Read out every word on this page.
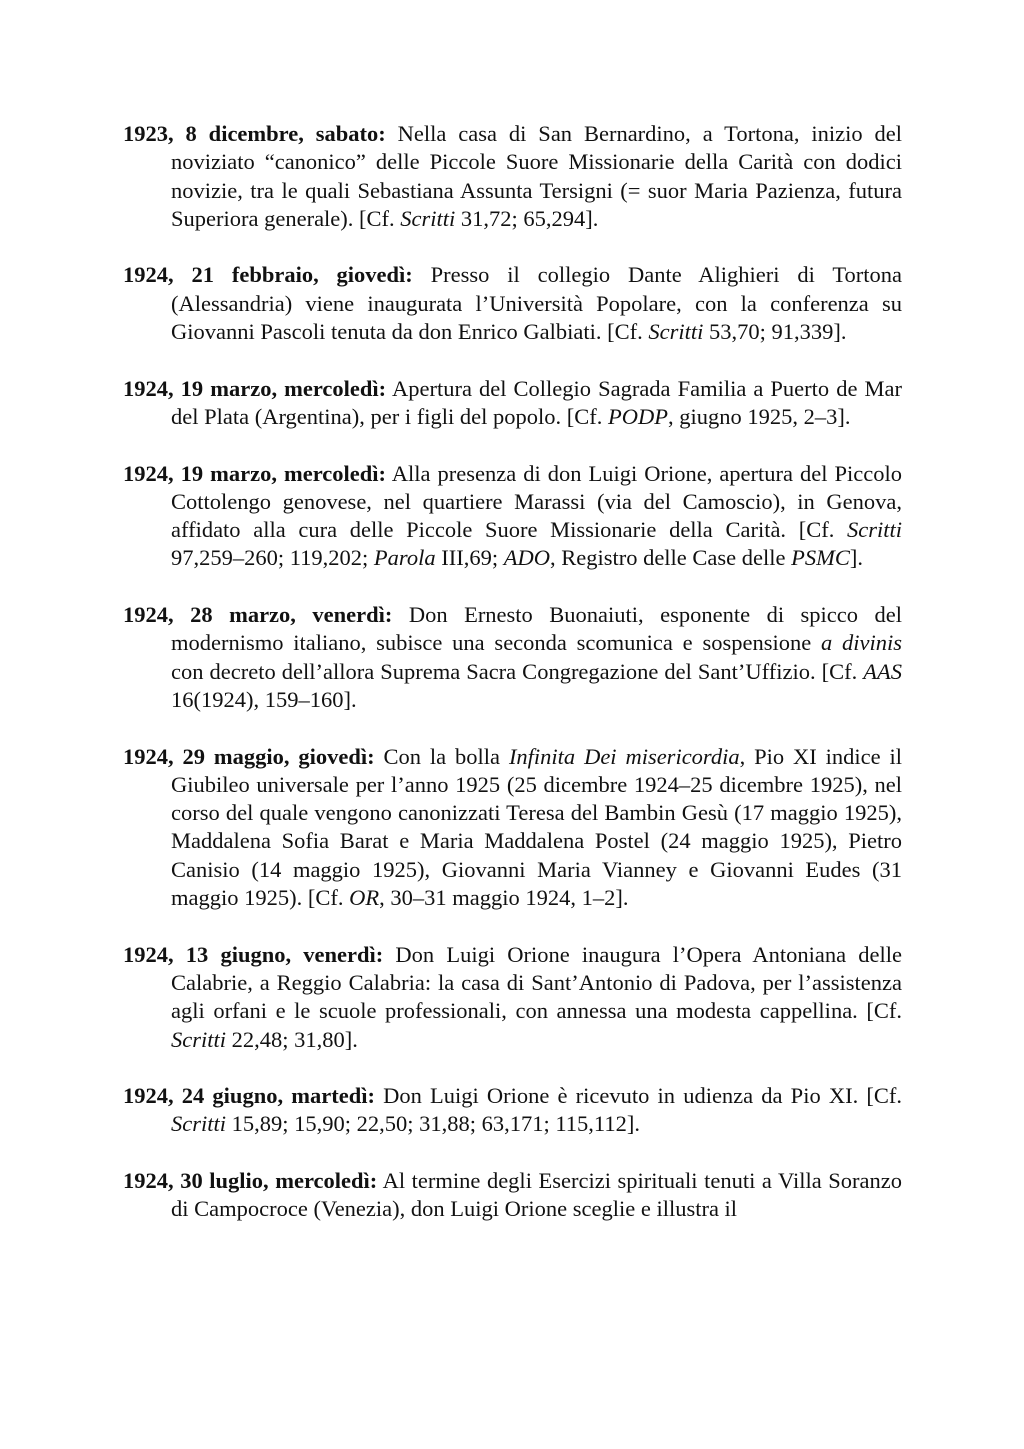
1923, 8 dicembre, sabato: Nella casa di San Bernardino, a Tortona, inizio del noviziato “canonico” delle Piccole Suore Missionarie della Carità con dodici novizie, tra le quali Sebastiana Assunta Tersigni (= suor Maria Pazienza, futura Superiora generale). [Cf. Scritti 31,72; 65,294].

1924, 21 febbraio, giovedì: Presso il collegio Dante Alighieri di Tortona (Alessandria) viene inaugurata l’Università Popolare, con la conferenza su Giovanni Pascoli tenuta da don Enrico Galbiati. [Cf. Scritti 53,70; 91,339].

1924, 19 marzo, mercoledì: Apertura del Collegio Sagrada Familia a Puerto de Mar del Plata (Argentina), per i figli del popolo. [Cf. PODP, giugno 1925, 2–3].

1924, 19 marzo, mercoledì: Alla presenza di don Luigi Orione, apertura del Piccolo Cottolengo genovese, nel quartiere Marassi (via del Camoscio), in Genova, affidato alla cura delle Piccole Suore Missionarie della Carità. [Cf. Scritti 97,259–260; 119,202; Parola III,69; ADO, Registro delle Case delle PSMC].

1924, 28 marzo, venerdì: Don Ernesto Buonaiuti, esponente di spicco del modernismo italiano, subisce una seconda scomunica e sospensione a divinis con decreto dell’allora Suprema Sacra Congregazione del Sant’Uffizio. [Cf. AAS 16(1924), 159–160].

1924, 29 maggio, giovedì: Con la bolla Infinita Dei misericordia, Pio XI indice il Giubileo universale per l’anno 1925 (25 dicembre 1924–25 dicembre 1925), nel corso del quale vengono canonizzati Teresa del Bambin Gesù (17 maggio 1925), Maddalena Sofia Barat e Maria Maddalena Postel (24 maggio 1925), Pietro Canisio (14 maggio 1925), Giovanni Maria Vianney e Giovanni Eudes (31 maggio 1925). [Cf. OR, 30–31 maggio 1924, 1–2].

1924, 13 giugno, venerdì: Don Luigi Orione inaugura l’Opera Antoniana delle Calabrie, a Reggio Calabria: la casa di Sant’Antonio di Padova, per l’assistenza agli orfani e le scuole professionali, con annessa una modesta cappellina. [Cf. Scritti 22,48; 31,80].

1924, 24 giugno, martedì: Don Luigi Orione è ricevuto in udienza da Pio XI. [Cf. Scritti 15,89; 15,90; 22,50; 31,88; 63,171; 115,112].

1924, 30 luglio, mercoledì: Al termine degli Esercizi spirituali tenuti a Villa Soranzo di Campocroce (Venezia), don Luigi Orione sceglie e illustra il
